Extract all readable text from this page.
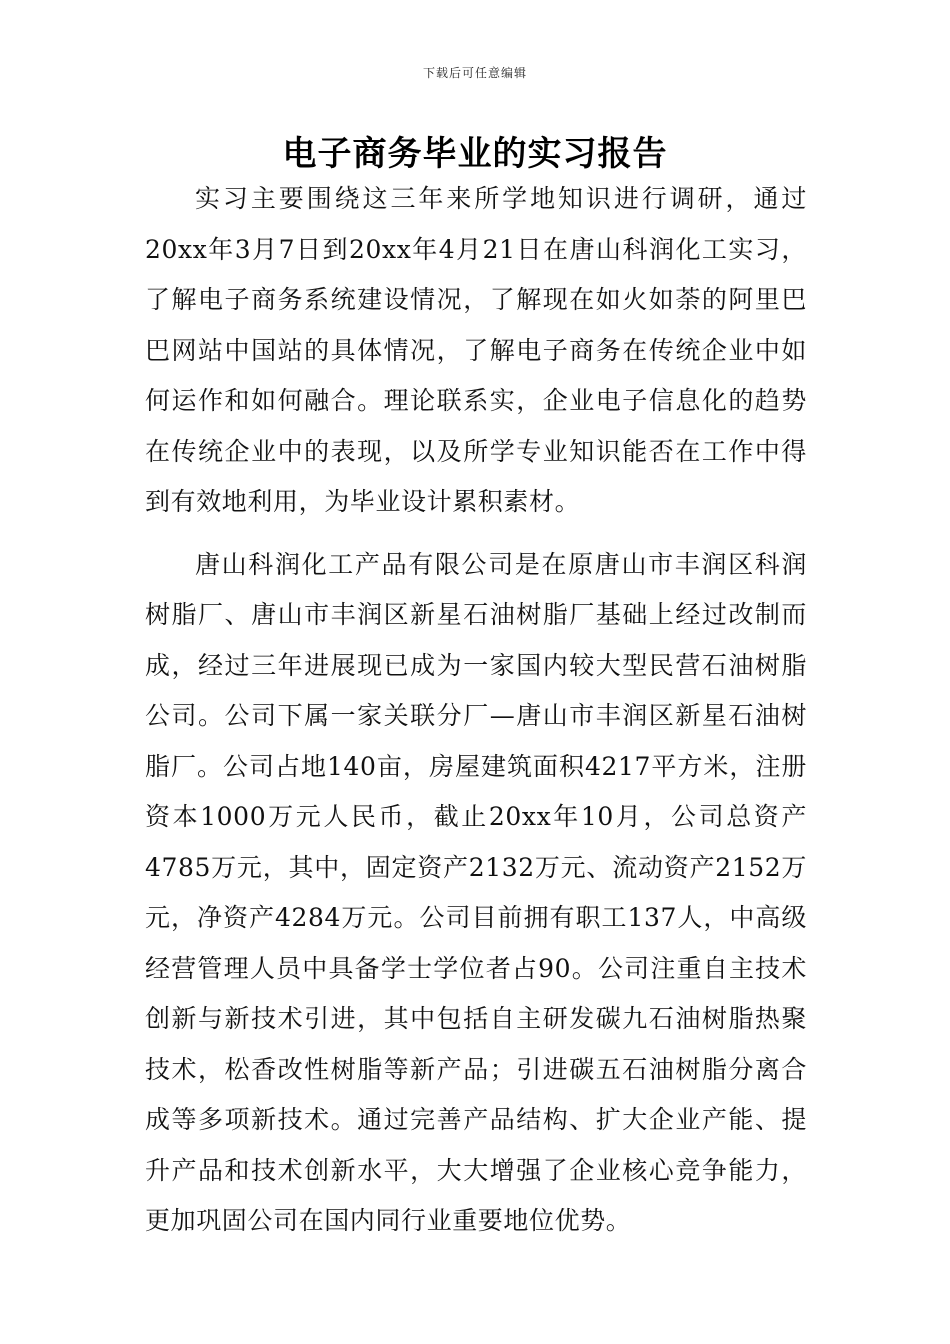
下载后可任意编辑
电子商务毕业的实习报告

实习主要围绕这三年来所学地知识进行调研，通过20xx年3月7日到20xx年4月21日在唐山科润化工实习，了解电子商务系统建设情况，了解现在如火如荼的阿里巴巴网站中国站的具体情况，了解电子商务在传统企业中如何运作和如何融合。理论联系实，企业电子信息化的趋势在传统企业中的表现，以及所学专业知识能否在工作中得到有效地利用，为毕业设计累积素材。

唐山科润化工产品有限公司是在原唐山市丰润区科润树脂厂、唐山市丰润区新星石油树脂厂基础上经过改制而成，经过三年进展现已成为一家国内较大型民营石油树脂公司。公司下属一家关联分厂—唐山市丰润区新星石油树脂厂。公司占地140亩，房屋建筑面积4217平方米，注册资本1000万元人民币，截止20xx年10月，公司总资产4785万元，其中，固定资产2132万元、流动资产2152万元，净资产4284万元。公司目前拥有职工137人，中高级经营管理人员中具备学士学位者占90。公司注重自主技术创新与新技术引进，其中包括自主研发碳九石油树脂热聚技术，松香改性树脂等新产品；引进碳五石油树脂分离合成等多项新技术。通过完善产品结构、扩大企业产能、提升产品和技术创新水平，大大增强了企业核心竞争能力，更加巩固公司在国内同行业重要地位优势。
